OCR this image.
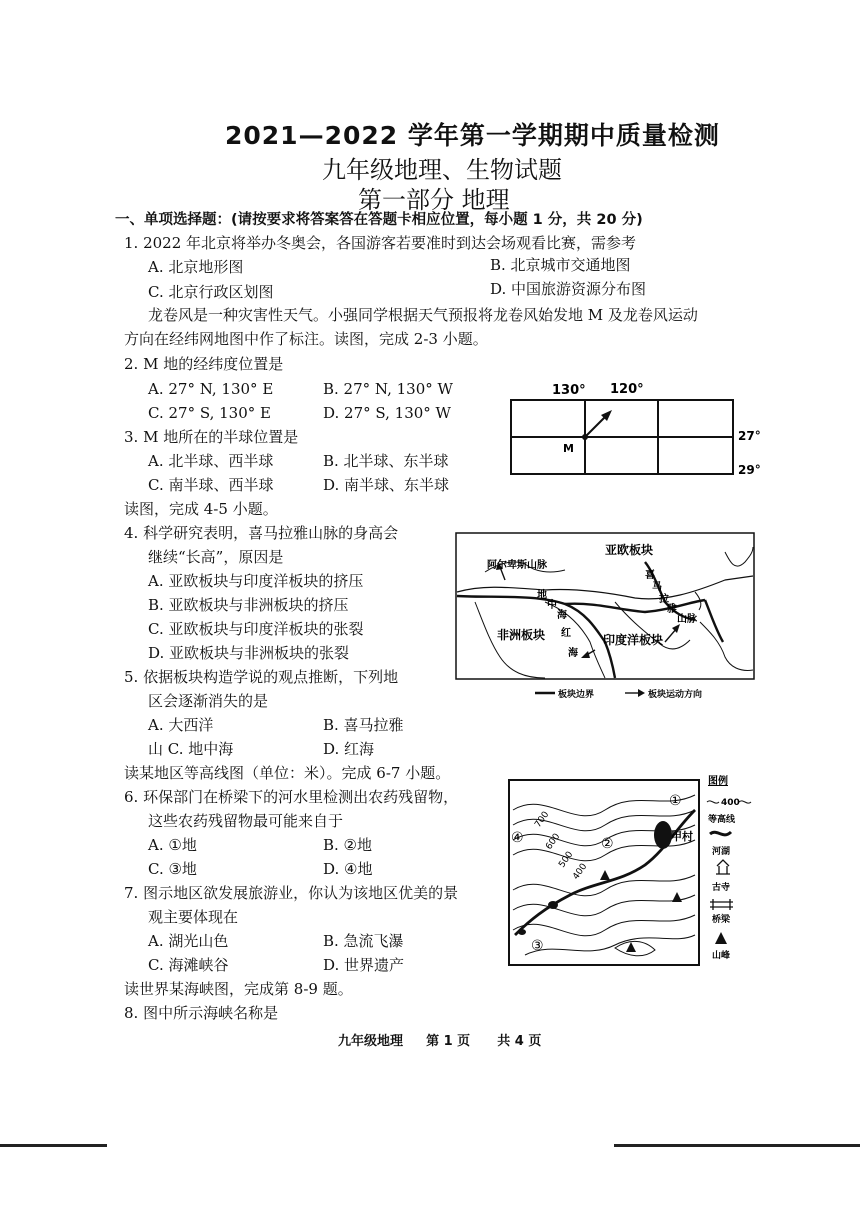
2021—2022 学年第一学期期中质量检测
九年级地理、生物试题
第一部分 地理
一、单项选择题：(请按要求将答案答在答题卡相应位置，每小题 1 分，共 20 分)
1. 2022 年北京将举办冬奥会，各国游客若要准时到达会场观看比赛，需参考
A. 北京地形图	B. 北京城市交通地图
C. 北京行政区划图	D. 中国旅游资源分布图
龙卷风是一种灾害性天气。小强同学根据天气预报将龙卷风始发地 M 及龙卷风运动
方向在经纬网地图中作了标注。读图，完成 2-3 小题。
2. M 地的经纬度位置是
A. 27° N, 130° E	B. 27° N, 130° W
C. 27° S, 130° E	D. 27° S, 130° W
3. M 地所在的半球位置是
A. 北半球、西半球	B. 北半球、东半球
C. 南半球、西半球	D. 南半球、东半球
130° 120°
M
27°
29°
读图，完成 4-5 小题。
4. 科学研究表明，喜马拉雅山脉的身高会
继续“长高”，原因是
A. 亚欧板块与印度洋板块的挤压
B. 亚欧板块与非洲板块的挤压
C. 亚欧板块与印度洋板块的张裂
D. 亚欧板块与非洲板块的张裂
5. 依据板块构造学说的观点推断，下列地
区会逐渐消失的是
A. 大西洋	B. 喜马拉雅
山 C. 地中海	D. 红海
亚欧板块
阿尔卑斯山脉
非洲板块	印度洋板块
喜
马
拉
雅
山脉
地
中
海
红
海
板块边界	板块运动方向
读某地区等高线图（单位：米）。完成 6-7 小题。
6. 环保部门在桥梁下的河水里检测出农药残留物，
这些农药残留物最可能来自于
A. ①地	B. ②地
C. ③地	D. ④地
7. 图示地区欲发展旅游业，你认为该地区优美的景
观主要体现在
A. 湖光山色	B. 急流飞瀑
C. 海滩峡谷	D. 世界遗产
700
600
500
400
①
②
③
④	甲村
图例
400
等高线
河湖
古寺
桥梁
山峰
读世界某海峡图，完成第 8-9 题。
8. 图中所示海峡名称是
九年级地理 第 1 页 共 4 页
